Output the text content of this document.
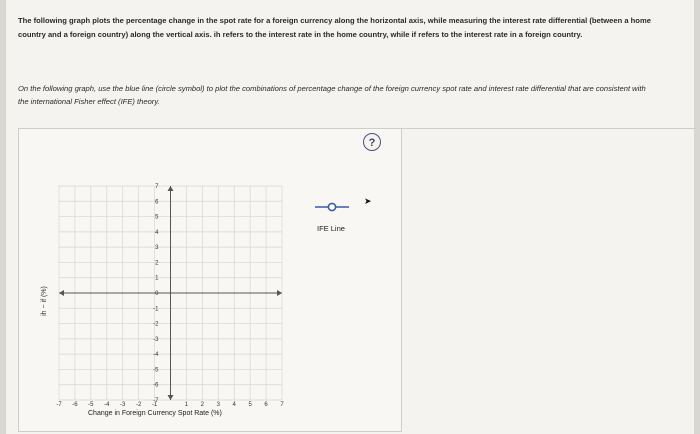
The following graph plots the percentage change in the spot rate for a foreign currency along the horizontal axis, while measuring the interest rate differential (between a home country and a foreign country) along the vertical axis. ih refers to the interest rate in the home country, while if refers to the interest rate in a foreign country.
On the following graph, use the blue line (circle symbol) to plot the combinations of percentage change of the foreign currency spot rate and interest rate differential that are consistent with the international Fisher effect (IFE) theory.
?
-7 -6 -5 -4 -3 -2 -1	1 2 3 4 5 6 7
7
6
5
4
3
2
1
0
-1
-2
-3
-4
-5
-6
-7
Change in Foreign Currency Spot Rate (%)
ih − if (%)
IFE Line
➤
